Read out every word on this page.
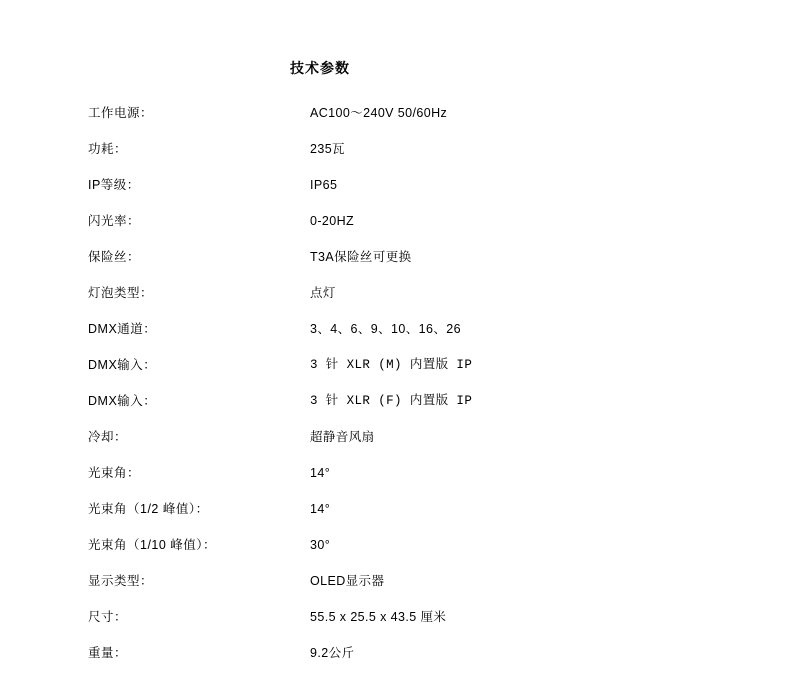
技术参数
工作电源：	AC100～240V 50/60Hz
功耗：	235瓦
IP等级：	IP65
闪光率：	0-20HZ
保险丝：	T3A保险丝可更换
灯泡类型：	点灯
DMX通道：	3、4、6、9、10、16、26
DMX输入：	3 针 XLR (M) 内置版 IP
DMX输入：	3 针 XLR (F) 内置版 IP
冷却：	超静音风扇
光束角：	14°
光束角（1/2 峰值）：	14°
光束角（1/10 峰值）：	30°
显示类型：	OLED显示器
尺寸：	55.5 x 25.5 x 43.5 厘米
重量：	9.2公斤
